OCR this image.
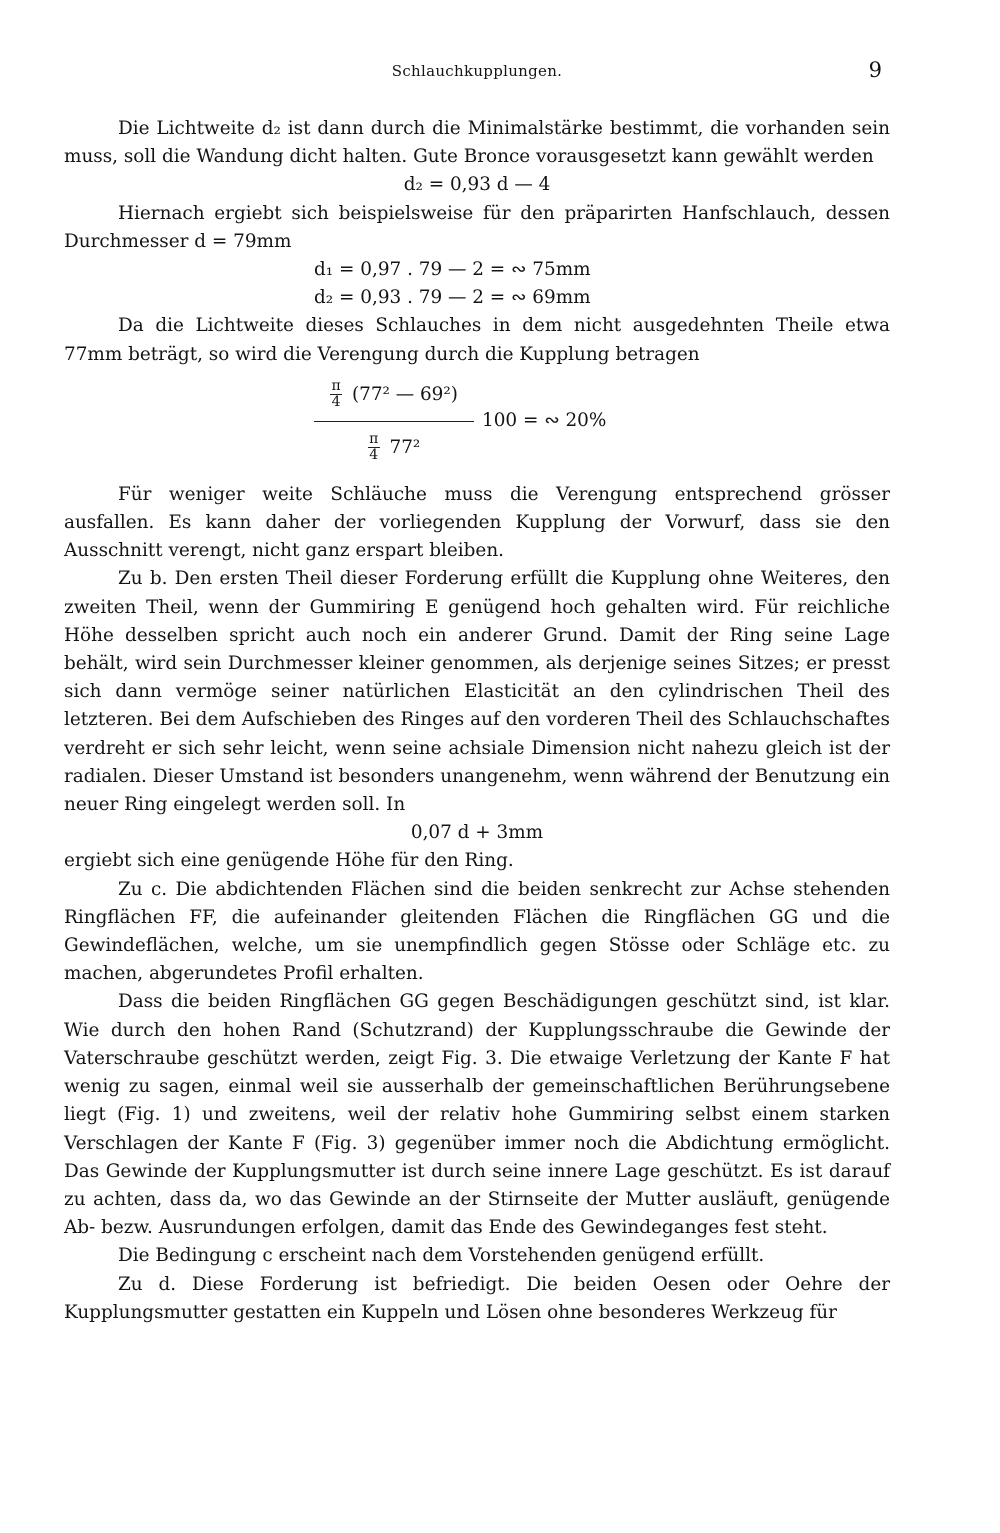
Schlauchkupplungen.	9

Die Lichtweite d₂ ist dann durch die Minimalstärke bestimmt, die vorhanden sein muss, soll die Wandung dicht halten. Gute Bronce vorausgesetzt kann gewählt werden

d₂ = 0,93 d — 4

Hiernach ergiebt sich beispielsweise für den präparirten Hanfschlauch, dessen Durchmesser d = 79mm

d₁ = 0,97 . 79 — 2 = ∾ 75mm
d₂ = 0,93 . 79 — 2 = ∾ 69mm

Da die Lichtweite dieses Schlauches in dem nicht ausgedehnten Theile etwa 77mm beträgt, so wird die Verengung durch die Kupplung betragen

$\frac{\pi}{4} (77^2$ — 69²)
$\frac{\pi}{4} 77^2$
100 = ∾ 20%

Für weniger weite Schläuche muss die Verengung entsprechend grösser ausfallen. Es kann daher der vorliegenden Kupplung der Vorwurf, dass sie den Ausschnitt verengt, nicht ganz erspart bleiben.

Zu b. Den ersten Theil dieser Forderung erfüllt die Kupplung ohne Weiteres, den zweiten Theil, wenn der Gummiring E genügend hoch gehalten wird. Für reichliche Höhe desselben spricht auch noch ein anderer Grund. Damit der Ring seine Lage behält, wird sein Durchmesser kleiner genommen, als derjenige seines Sitzes; er presst sich dann vermöge seiner natürlichen Elasticität an den cylindrischen Theil des letzteren. Bei dem Aufschieben des Ringes auf den vorderen Theil des Schlauchschaftes verdreht er sich sehr leicht, wenn seine achsiale Dimension nicht nahezu gleich ist der radialen. Dieser Umstand ist besonders unangenehm, wenn während der Benutzung ein neuer Ring eingelegt werden soll. In

0,07 d + 3mm

ergiebt sich eine genügende Höhe für den Ring.

Zu c. Die abdichtenden Flächen sind die beiden senkrecht zur Achse stehenden Ringflächen FF, die aufeinander gleitenden Flächen die Ringflächen GG und die Gewindeflächen, welche, um sie unempfindlich gegen Stösse oder Schläge etc. zu machen, abgerundetes Profil erhalten.

Dass die beiden Ringflächen GG gegen Beschädigungen geschützt sind, ist klar. Wie durch den hohen Rand (Schutzrand) der Kupplungsschraube die Gewinde der Vaterschraube geschützt werden, zeigt Fig. 3. Die etwaige Verletzung der Kante F hat wenig zu sagen, einmal weil sie ausserhalb der gemeinschaftlichen Berührungsebene liegt (Fig. 1) und zweitens, weil der relativ hohe Gummiring selbst einem starken Verschlagen der Kante F (Fig. 3) gegenüber immer noch die Abdichtung ermöglicht. Das Gewinde der Kupplungsmutter ist durch seine innere Lage geschützt. Es ist darauf zu achten, dass da, wo das Gewinde an der Stirnseite der Mutter ausläuft, genügende Ab- bezw. Ausrundungen erfolgen, damit das Ende des Gewindeganges fest steht.

Die Bedingung c erscheint nach dem Vorstehenden genügend erfüllt.

Zu d. Diese Forderung ist befriedigt. Die beiden Oesen oder Oehre der Kupplungsmutter gestatten ein Kuppeln und Lösen ohne besonderes Werkzeug für
